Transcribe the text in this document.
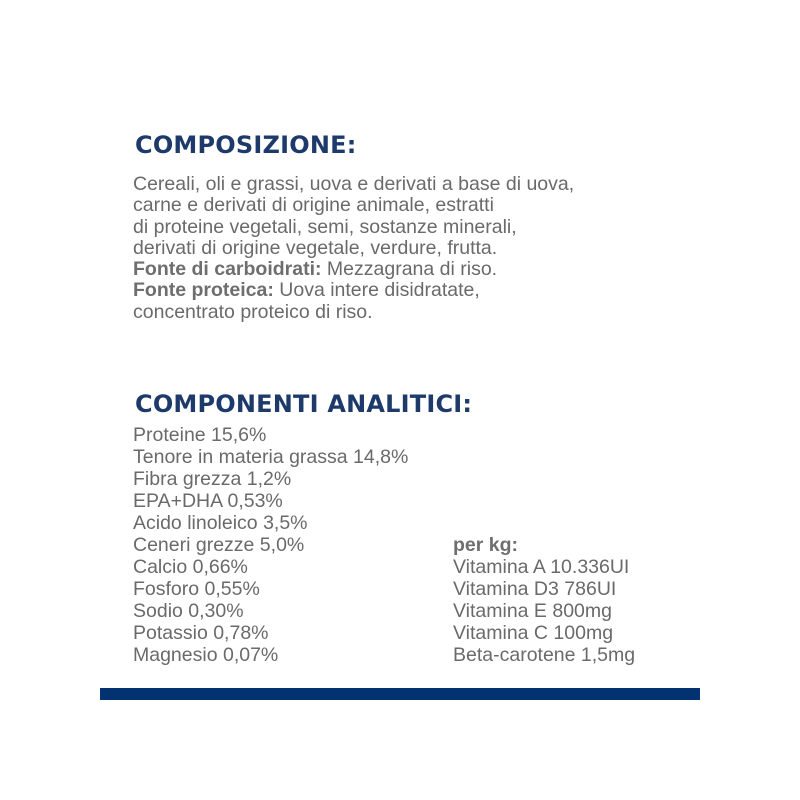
COMPOSIZIONE:
Cereali, oli e grassi, uova e derivati a base di uova,
carne e derivati di origine animale, estratti
di proteine vegetali, semi, sostanze minerali,
derivati di origine vegetale, verdure, frutta.
Fonte di carboidrati: Mezzagrana di riso.
Fonte proteica: Uova intere disidratate,
concentrato proteico di riso.
COMPONENTI ANALITICI:
Proteine 15,6%
Tenore in materia grassa 14,8%
Fibra grezza 1,2%
EPA+DHA 0,53%
Acido linoleico 3,5%
Ceneri grezze 5,0%
Calcio 0,66%
Fosforo 0,55%
Sodio 0,30%
Potassio 0,78%
Magnesio 0,07%
per kg:
Vitamina A 10.336UI
Vitamina D3 786UI
Vitamina E 800mg
Vitamina C 100mg
Beta-carotene 1,5mg
